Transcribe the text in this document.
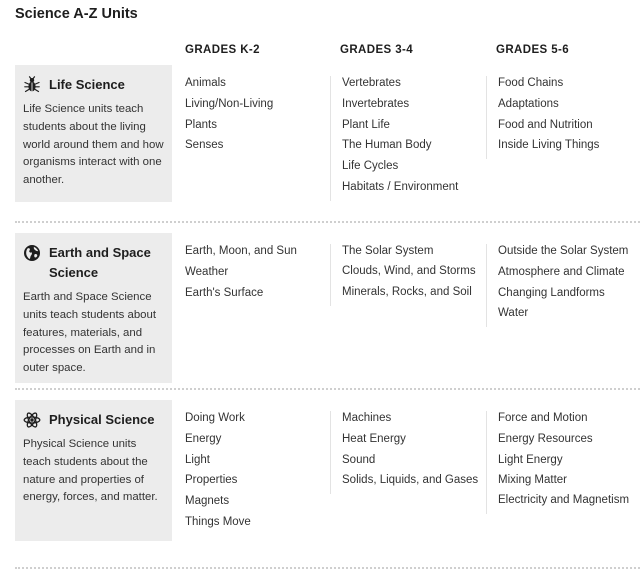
Science A-Z Units
GRADES K-2	GRADES 3-4	GRADES 5-6
Life Science
Life Science units teach students about the living world around them and how organisms interact with one another.
Animals
Living/Non-Living
Plants
Senses
Vertebrates
Invertebrates
Plant Life
The Human Body
Life Cycles
Habitats / Environment
Food Chains
Adaptations
Food and Nutrition
Inside Living Things
Earth and Space Science
Earth and Space Science units teach students about features, materials, and processes on Earth and in outer space.
Earth, Moon, and Sun
Weather
Earth's Surface
The Solar System
Clouds, Wind, and Storms
Minerals, Rocks, and Soil
Outside the Solar System
Atmosphere and Climate
Changing Landforms
Water
Physical Science
Physical Science units teach students about the nature and properties of energy, forces, and matter.
Doing Work
Energy
Light
Properties
Magnets
Things Move
Machines
Heat Energy
Sound
Solids, Liquids, and Gases
Force and Motion
Energy Resources
Light Energy
Mixing Matter
Electricity and Magnetism
